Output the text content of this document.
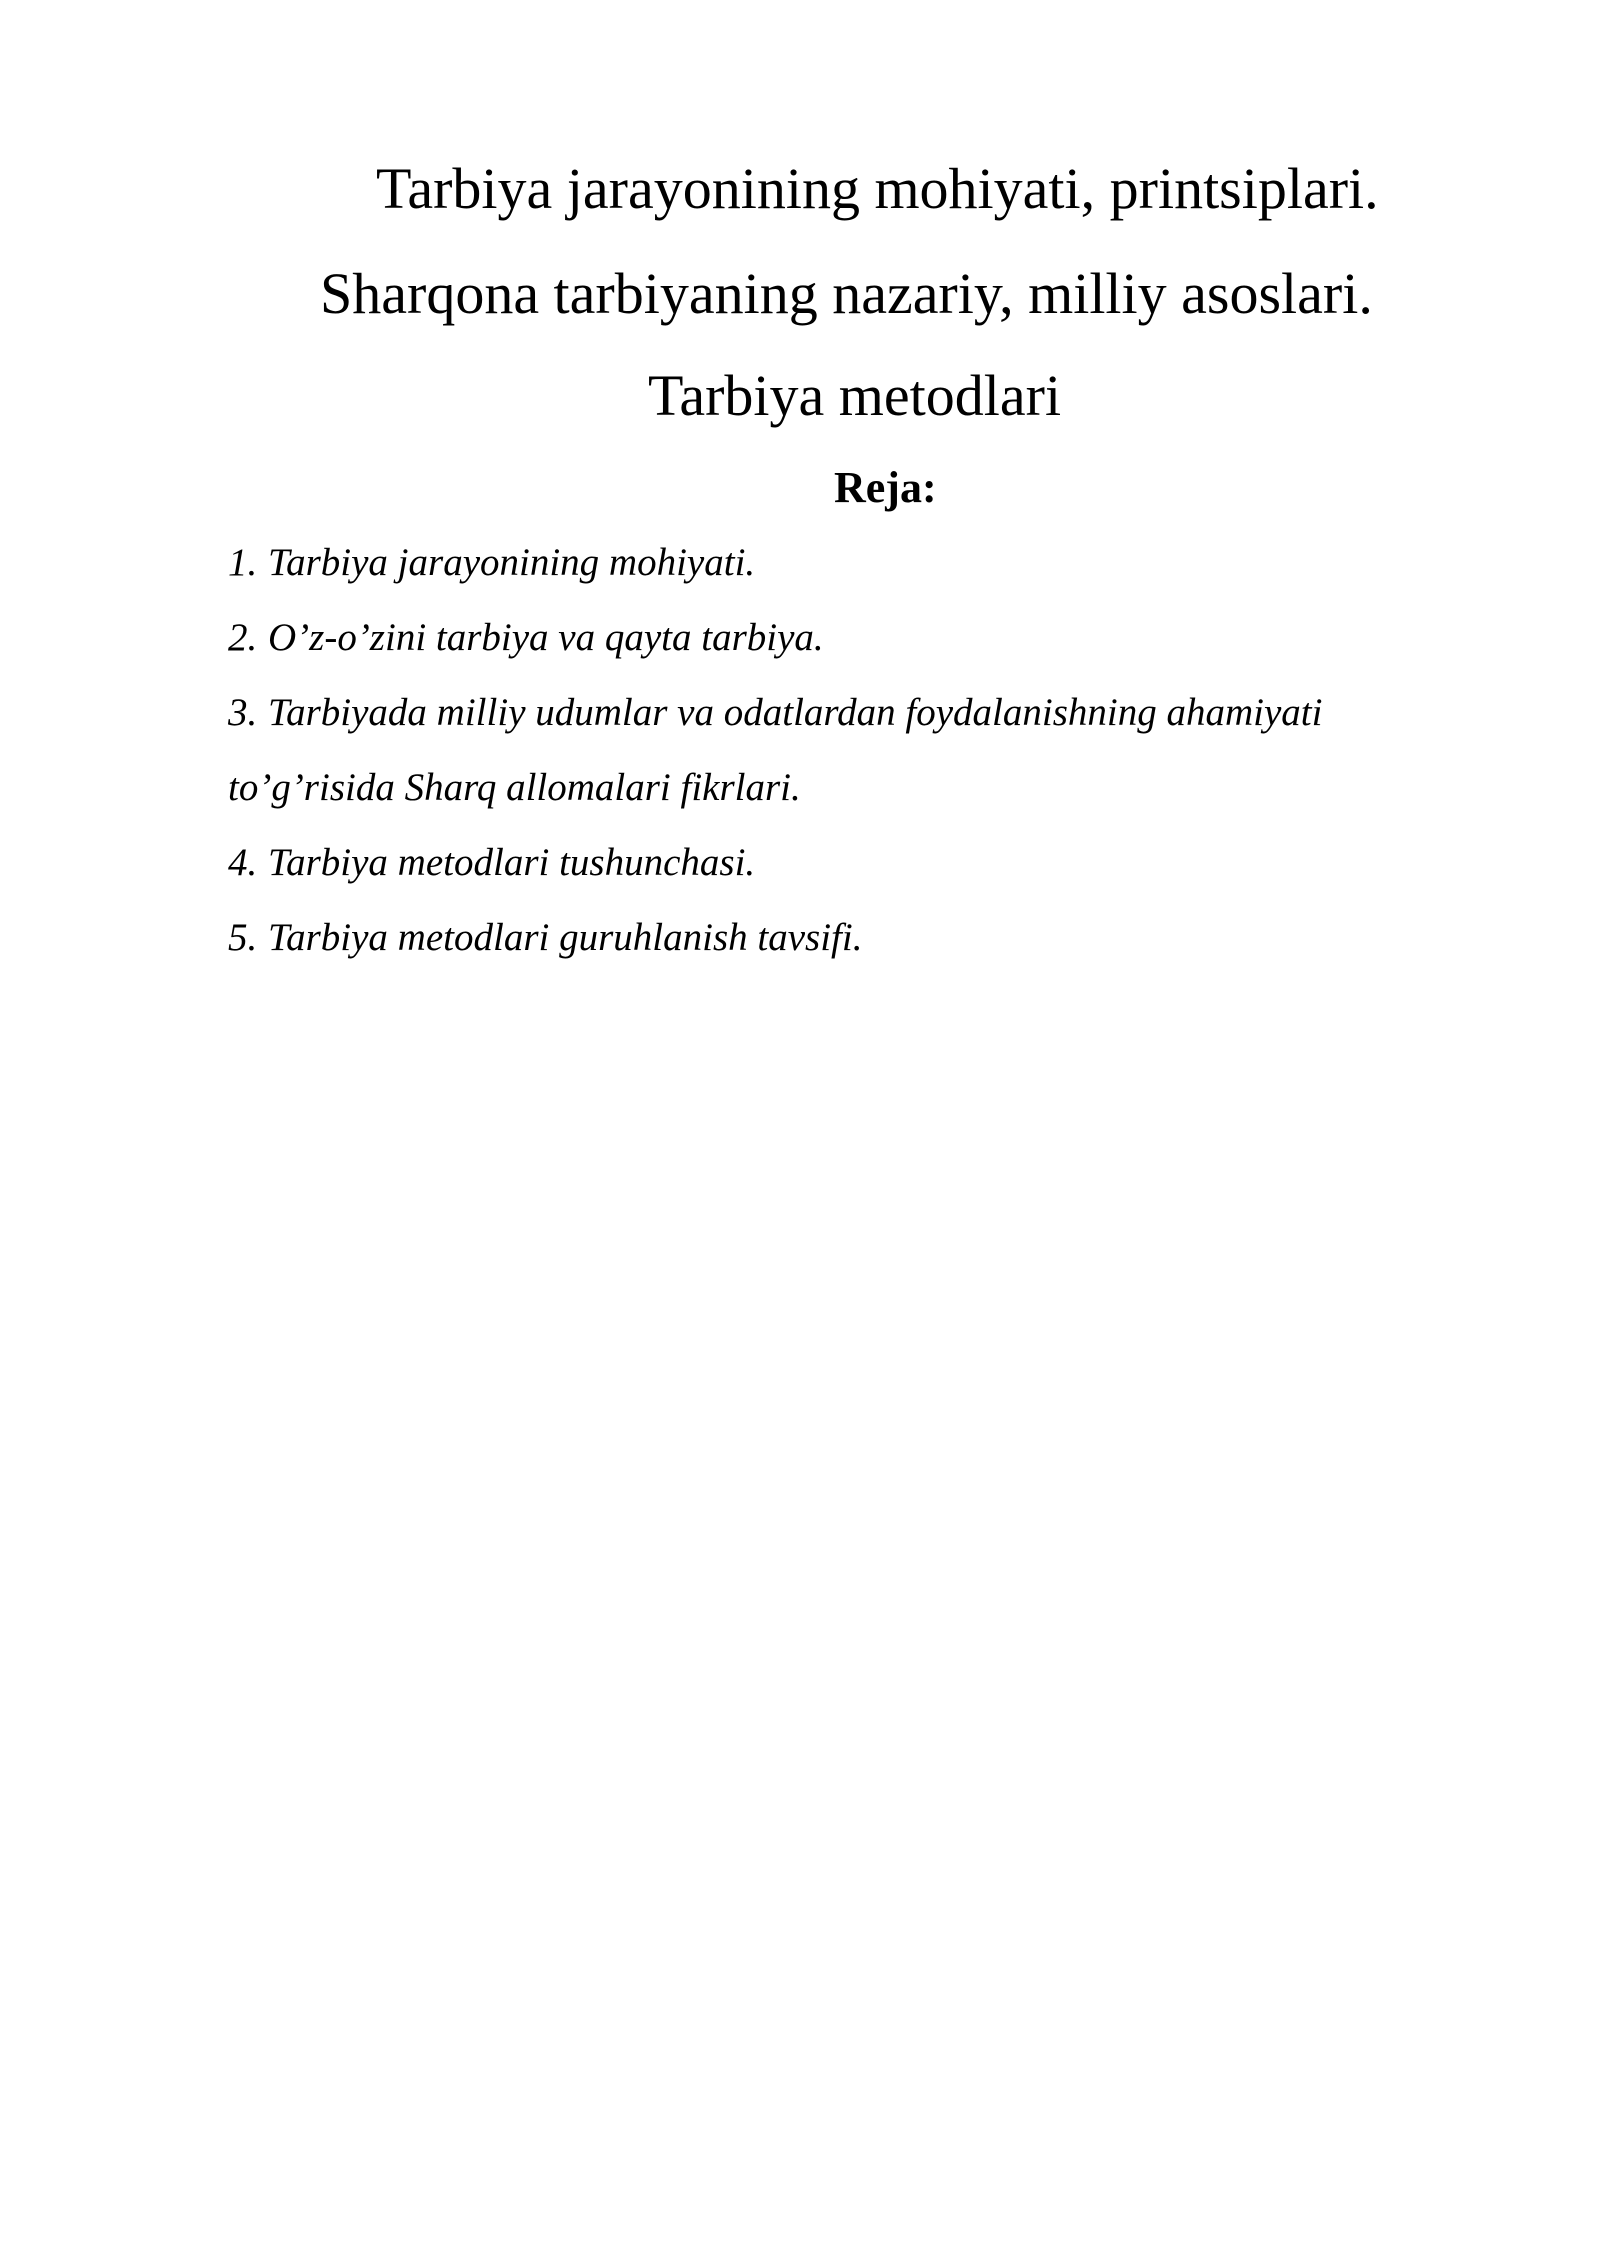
Tarbiya jarayonining mohiyati, printsiplari.
Sharqona tarbiyaning nazariy, milliy asoslari.
Tarbiya metodlari
Reja:
1. Tarbiya jarayonining mohiyati.
2. O’z-o’zini tarbiya va qayta tarbiya.
3. Tarbiyada milliy udumlar va odatlardan foydalanishning ahamiyati
to’g’risida Sharq allomalari fikrlari.
4. Tarbiya metodlari tushunchasi.
5. Tarbiya metodlari guruhlanish tavsifi.
